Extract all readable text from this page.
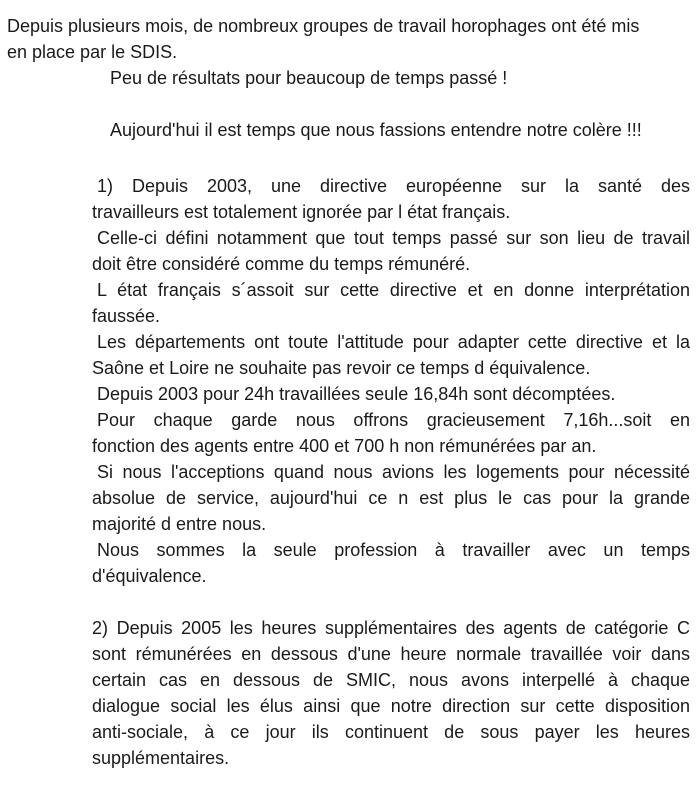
Depuis plusieurs mois, de nombreux groupes de travail horophages ont été mis
en place par le SDIS.

Peu de résultats pour beaucoup de temps passé !

Aujourd'hui il est temps que nous fassions entendre notre colère !!!

1) Depuis 2003, une directive européenne sur la santé des
travailleurs est totalement ignorée par l état français.

Celle-ci défini notamment que tout temps passé sur son lieu de travail
doit être considéré comme du temps rémunéré.

L état français s´assoit sur cette directive et en donne interprétation
faussée.

Les départements ont toute l'attitude pour adapter cette directive et la
Saône et Loire ne souhaite pas revoir ce temps d équivalence.

Depuis 2003 pour 24h travaillées seule 16,84h sont décomptées.

Pour chaque garde nous offrons gracieusement 7,16h...soit en
fonction des agents entre 400 et 700 h non rémunérées par an.

Si nous l'acceptions quand nous avions les logements pour nécessité
absolue de service, aujourd'hui ce n est plus le cas pour la grande
majorité d entre nous.

Nous sommes la seule profession à travailler avec un temps
d'équivalence.

2) Depuis 2005 les heures supplémentaires des agents de catégorie C
sont rémunérées en dessous d'une heure normale travaillée voir dans
certain cas en dessous de SMIC, nous avons interpellé à chaque
dialogue social les élus ainsi que notre direction sur cette disposition
anti-sociale, à ce jour ils continuent de sous payer les heures
supplémentaires.
